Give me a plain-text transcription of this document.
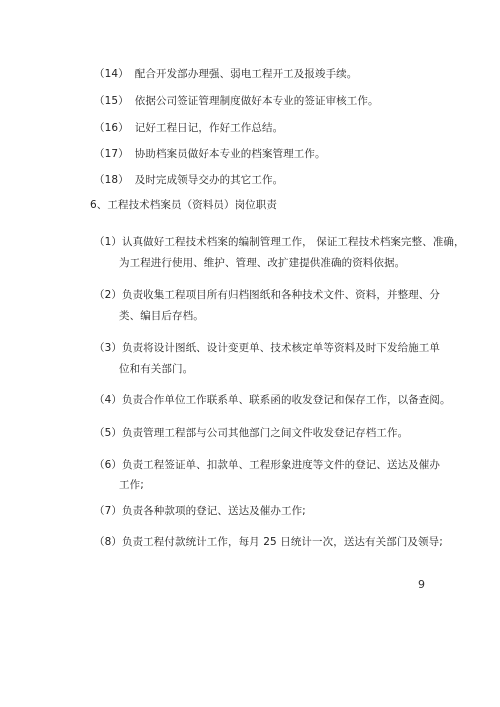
（14） 配合开发部办理强、弱电工程开工及报竣手续。
（15） 依据公司签证管理制度做好本专业的签证审核工作。
（16） 记好工程日记，作好工作总结。
（17） 协助档案员做好本专业的档案管理工作。
（18） 及时完成领导交办的其它工作。
6、工程技术档案员（资料员）岗位职责
（1）认真做好工程技术档案的编制管理工作， 保证工程技术档案完整、准确，
为工程进行使用、维护、管理、改扩建提供准确的资料依据。
（2）负责收集工程项目所有归档图纸和各种技术文件、资料，并整理、分
类、编目后存档。
（3）负责将设计图纸、设计变更单、技术核定单等资料及时下发给施工单
位和有关部门。
（4）负责合作单位工作联系单、联系函的收发登记和保存工作，以备查阅。
（5）负责管理工程部与公司其他部门之间文件收发登记存档工作。
（6）负责工程签证单、扣款单、工程形象进度等文件的登记、送达及催办
工作;
（7）负责各种款项的登记、送达及催办工作;
（8）负责工程付款统计工作，每月 25 日统计一次，送达有关部门及领导;
9
